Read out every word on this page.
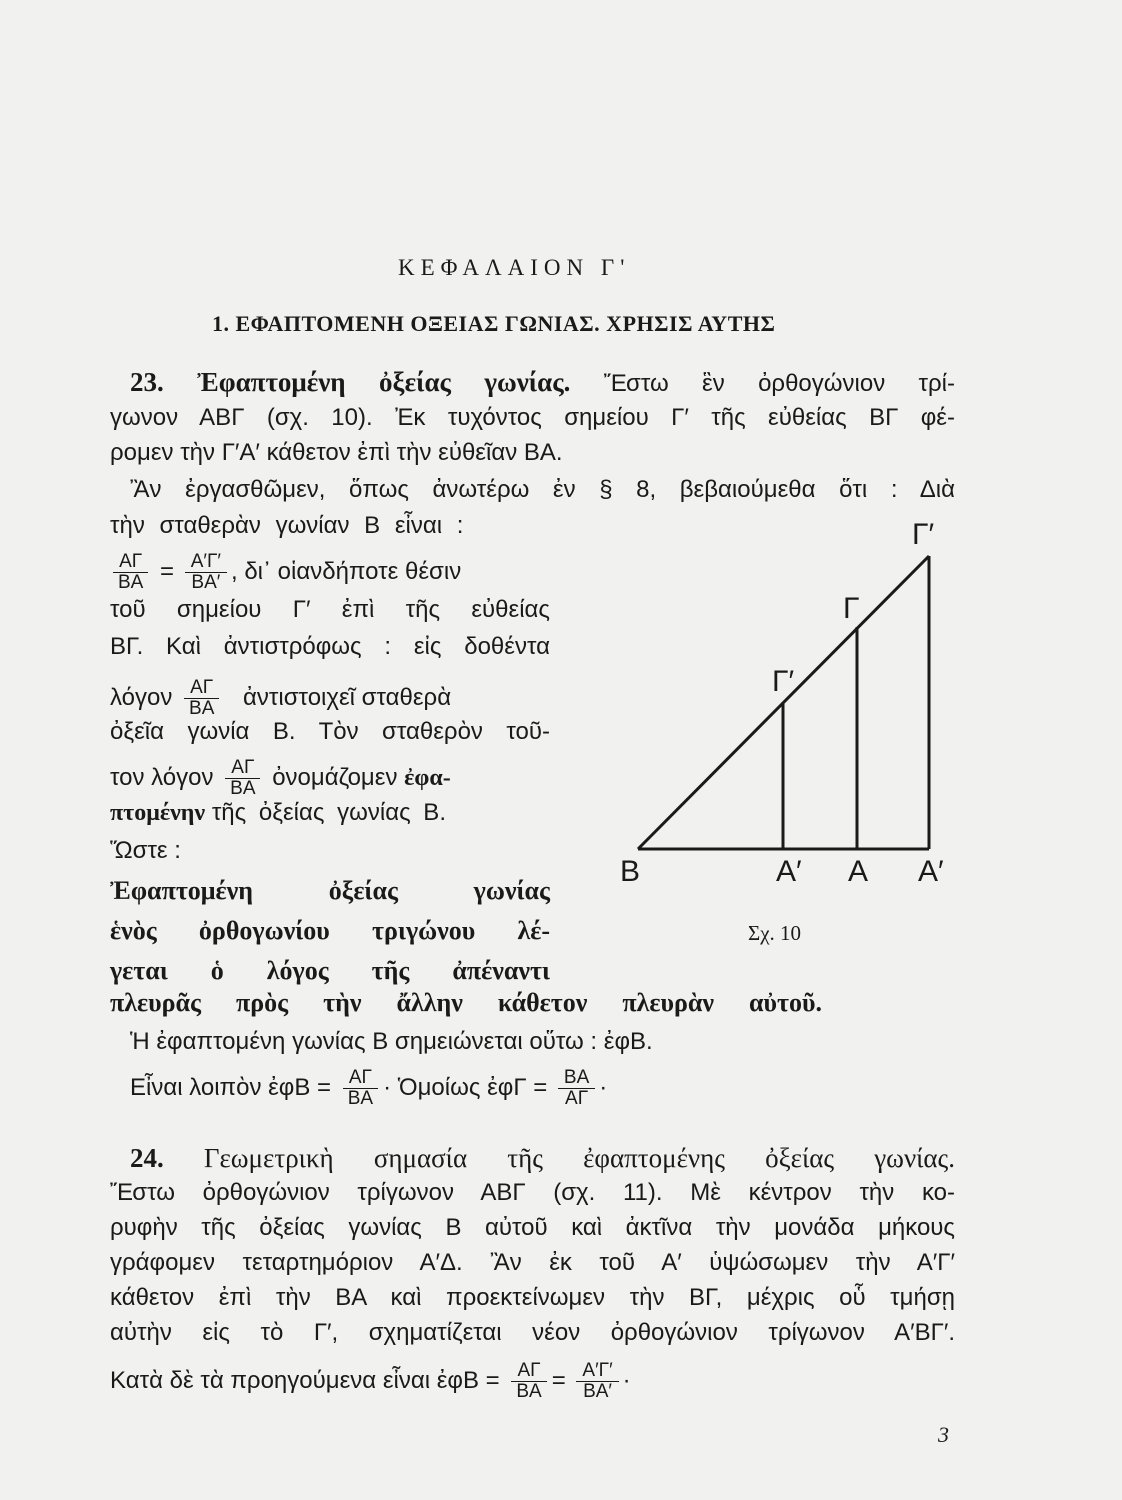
ΚΕΦΑΛΑΙΟΝ Γ'
1. ΕΦΑΠΤΟΜΕΝΗ ΟΞΕΙΑΣ ΓΩΝΙΑΣ. ΧΡΗΣΙΣ ΑΥΤΗΣ
23. Ἐφαπτομένη ὀξείας γωνίας. Ἔστω ἓν ὀρθογώνιον τρί-
γωνον ΑΒΓ (σχ. 10). Ἐκ τυχόντος σημείου Γ′ τῆς εὐθείας ΒΓ φέ-
ρομεν τὴν Γ′Α′ κάθετον ἐπὶ τὴν εὐθεῖαν ΒΑ.
Ἂν ἐργασθῶμεν, ὅπως ἀνωτέρω ἐν § 8, βεβαιούμεθα ὅτι : Διὰ
τὴν σταθερὰν γωνίαν Β εἶναι :
$\frac{A\Gamma}{BA} = \frac{A'\Gamma'}{BA'}$ , δι᾽ οἱανδήποτε θέσιν
τοῦ σημείου Γ′ ἐπὶ τῆς εὐθείας
ΒΓ. Καὶ ἀντιστρόφως : εἰς δοθέντα
λόγον $\frac{A\Gamma}{BA}$ ἀντιστοιχεῖ σταθερὰ
ὀξεῖα γωνία Β. Τὸν σταθερὸν τοῦ-
τον λόγον $\frac{A\Gamma}{BA}$ ὀνομάζομεν ἐφα-
πτομένην τῆς ὀξείας γωνίας Β.
Ὥστε :
Ἐφαπτομένη ὀξείας γωνίας
ἑνὸς ὀρθογωνίου τριγώνου λέ-
γεται ὁ λόγος τῆς ἀπέναντι
πλευρᾶς πρὸς τὴν ἄλλην κάθετον πλευρὰν αὐτοῦ.
Ἡ ἐφαπτομένη γωνίας Β σημειώνεται οὕτω : ἐφΒ.
Εἶναι λοιπὸν ἐφΒ = $\frac{A\Gamma}{BA}$ · Ὁμοίως ἐφΓ = $\frac{BA}{A\Gamma}$ ·
Γ′
Γ
Γ′
Β	Α′ Α Α′
Σχ. 10
24. Γεωμετρικὴ σημασία τῆς ἐφαπτομένης ὀξείας γωνίας.
Ἔστω ὀρθογώνιον τρίγωνον ΑΒΓ (σχ. 11). Μὲ κέντρον τὴν κο-
ρυφὴν τῆς ὀξείας γωνίας Β αὐτοῦ καὶ ἀκτῖνα τὴν μονάδα μήκους
γράφομεν τεταρτημόριον Α′Δ. Ἂν ἐκ τοῦ Α′ ὑψώσωμεν τὴν Α′Γ′
κάθετον ἐπὶ τὴν ΒΑ καὶ προεκτείνωμεν τὴν ΒΓ, μέχρις οὗ τμήσῃ
αὐτὴν εἰς τὸ Γ′, σχηματίζεται νέον ὀρθογώνιον τρίγωνον Α′ΒΓ′.
Κατὰ δὲ τὰ προηγούμενα εἶναι ἐφΒ = $\frac{A\Gamma}{BA} = \frac{A'\Gamma'}{BA'}$ ·
3
